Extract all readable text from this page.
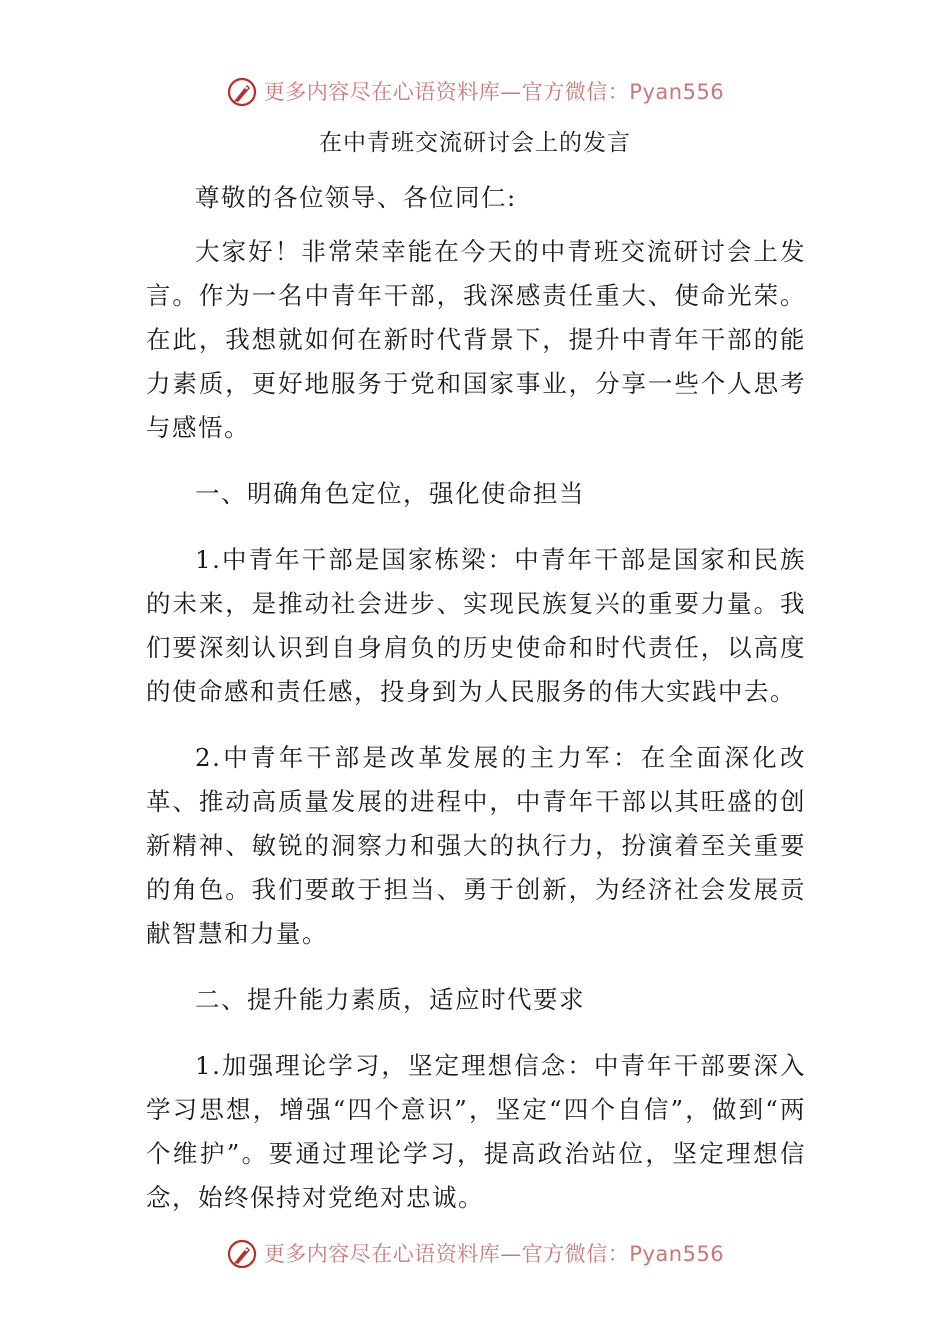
更多内容尽在心语资料库—官方微信：Pyan556
在中青班交流研讨会上的发言

尊敬的各位领导、各位同仁:

大家好！非常荣幸能在今天的中青班交流研讨会上发言。作为一名中青年干部，我深感责任重大、使命光荣。在此，我想就如何在新时代背景下，提升中青年干部的能力素质，更好地服务于党和国家事业，分享一些个人思考与感悟。

一、明确角色定位，强化使命担当

1.中青年干部是国家栋梁：中青年干部是国家和民族的未来，是推动社会进步、实现民族复兴的重要力量。我们要深刻认识到自身肩负的历史使命和时代责任，以高度的使命感和责任感，投身到为人民服务的伟大实践中去。

2.中青年干部是改革发展的主力军：在全面深化改革、推动高质量发展的进程中，中青年干部以其旺盛的创新精神、敏锐的洞察力和强大的执行力，扮演着至关重要的角色。我们要敢于担当、勇于创新，为经济社会发展贡献智慧和力量。

二、提升能力素质，适应时代要求

1.加强理论学习，坚定理想信念：中青年干部要深入学习思想，增强“四个意识”，坚定“四个自信”，做到“两个维护”。要通过理论学习，提高政治站位，坚定理想信念，始终保持对党绝对忠诚。

更多内容尽在心语资料库—官方微信：Pyan556
